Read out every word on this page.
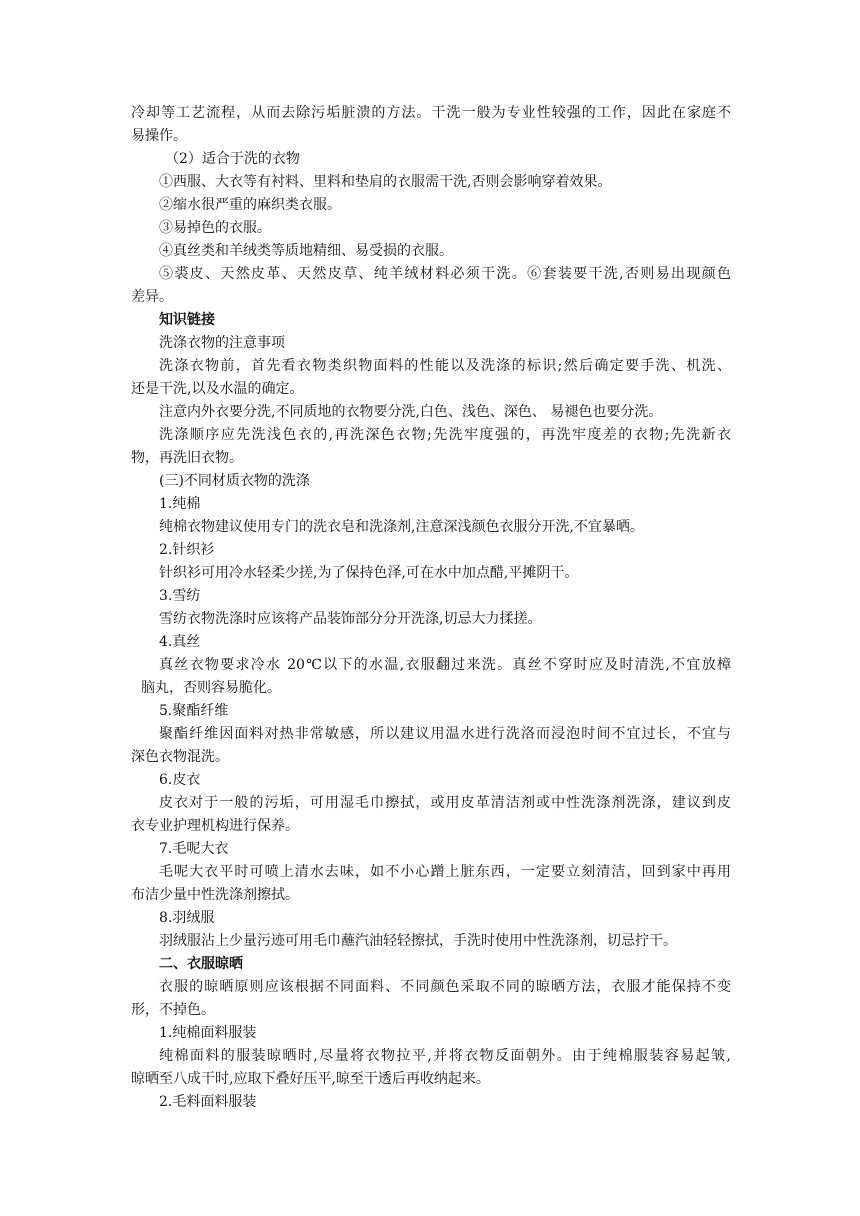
冷却等工艺流程，从而去除污垢脏溃的方法。干洗一般为专业性较强的工作，因此在家庭不
易操作。
（2）适合于洗的衣物
①西服、大衣等有衬料、里料和垫肩的衣服需干洗,否则会影响穿着效果。
②缩水很严重的麻织类衣服。
③易掉色的衣服。
④真丝类和羊绒类等质地精细、易受损的衣服。
⑤裘皮、天然皮革、天然皮草、纯羊绒材料必须干洗。⑥套装要干洗,否则易出现颜色
差异。
知识链接
洗涤衣物的注意事项
洗涤衣物前，首先看衣物类织物面料的性能以及洗涤的标识;然后确定要手洗、机洗、
还是干洗,以及水温的确定。
注意内外衣要分洗,不同质地的衣物要分洗,白色、浅色、深色、 易褪色也要分洗。
洗涤顺序应先洗浅色衣的,再洗深色衣物;先洗牢度强的，再洗牢度差的衣物;先洗新衣
物，再洗旧衣物。
(三)不同材质衣物的洗涤
1.纯棉
纯棉衣物建议使用专门的洗衣皂和洗涤剂,注意深浅颜色衣服分开洗,不宜暴晒。
2.针织衫
针织衫可用冷水轻柔少搓,为了保持色泽,可在水中加点醋,平摊阴干。
3.雪纺
雪纺衣物洗涤时应该将产品装饰部分分开洗涤,切忌大力揉搓。
4.真丝
真丝衣物要求冷水 20℃以下的水温,衣服翻过来洗。真丝不穿时应及时清洗,不宜放樟
脑丸，否则容易脆化。
5.聚酯纤维
聚酯纤维因面料对热非常敏感，所以建议用温水进行洗洛而浸泡时间不宜过长，不宜与
深色衣物混洗。
6.皮衣
皮衣对于一般的污垢，可用湿毛巾擦拭，或用皮革清洁剂或中性洗涤剂洗涤，建议到皮
衣专业护理机构进行保养。
7.毛呢大衣
毛呢大衣平时可喷上清水去味，如不小心蹭上脏东西，一定要立刻清洁，回到家中再用
布洁少量中性洗涤剂擦拭。
8.羽绒服
羽绒服沾上少量污迹可用毛巾蘸汽油轻轻擦拭，手洗时使用中性洗涤剂，切忌拧干。
二、衣服晾晒
衣服的晾晒原则应该根据不同面料、不同颜色采取不同的晾晒方法，衣服才能保持不变
形，不掉色。
1.纯棉面料服装
纯棉面料的服装晾晒时,尽量将衣物拉平,并将衣物反面朝外。由于纯棉服装容易起皱,
晾晒至八成干时,应取下叠好压平,晾至干透后再收纳起来。
2.毛料面料服装
